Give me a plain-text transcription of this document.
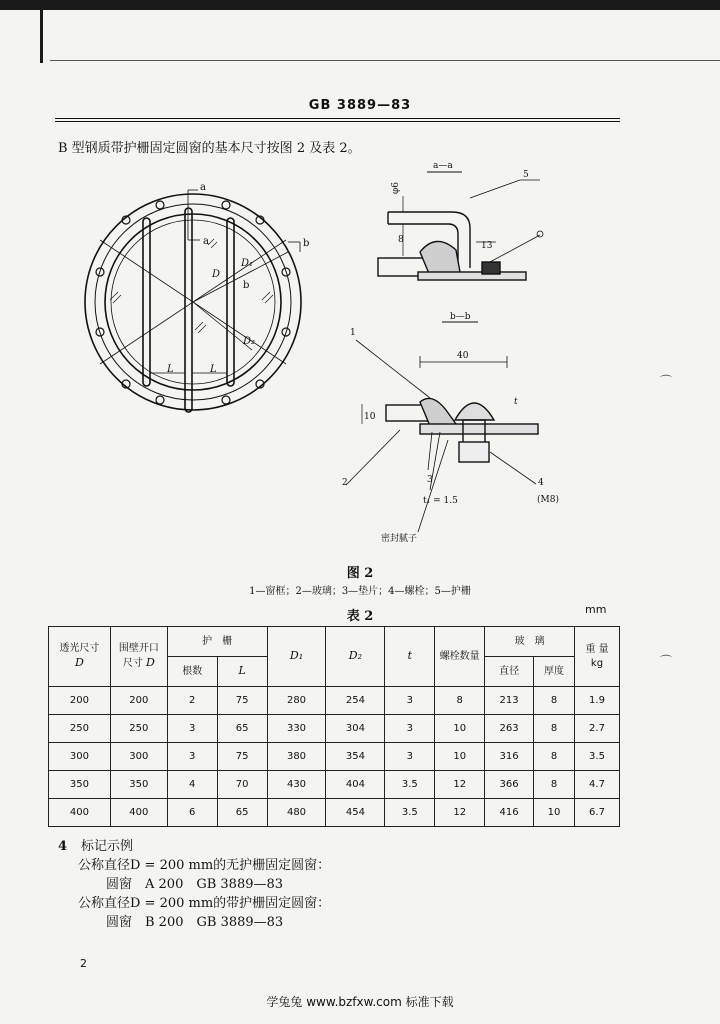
GB 3889—83
B 型钢质带护栅固定圆窗的基本尺寸按图 2 及表 2。
a
a	b
b
D
D₁
D₂
L	L
a—a
φ6
8
13
5
b—b
40
10
t
1
2	3	4
t₁ = 1.5	(M8)
密封腻子
图 2
1—窗框；2—玻璃；3—垫片；4—螺栓；5—护栅
表 2	mm
透光尺寸
D	围壁开口
尺寸 D	护　栅		D₁	D₂	t	螺栓数量	玻　璃		重 量
kg
		根数	L					直径	厚度	
200	200	2	75	280	254	3	8	213	8	1.9
250	250	3	65	330	304	3	10	263	8	2.7
300	300	3	75	380	354	3	10	316	8	3.5
350	350	4	70	430	404	3.5	12	366	8	4.7
400	400	6	65	480	454	3.5	12	416	10	6.7
4 标记示例
公称直径D = 200 mm的无护栅固定圆窗：
圆窗　A 200　GB 3889—83
公称直径D = 200 mm的带护栅固定圆窗：
圆窗　B 200　GB 3889—83
2
学兔兔 www.bzfxw.com 标准下载
⌒
⌒
